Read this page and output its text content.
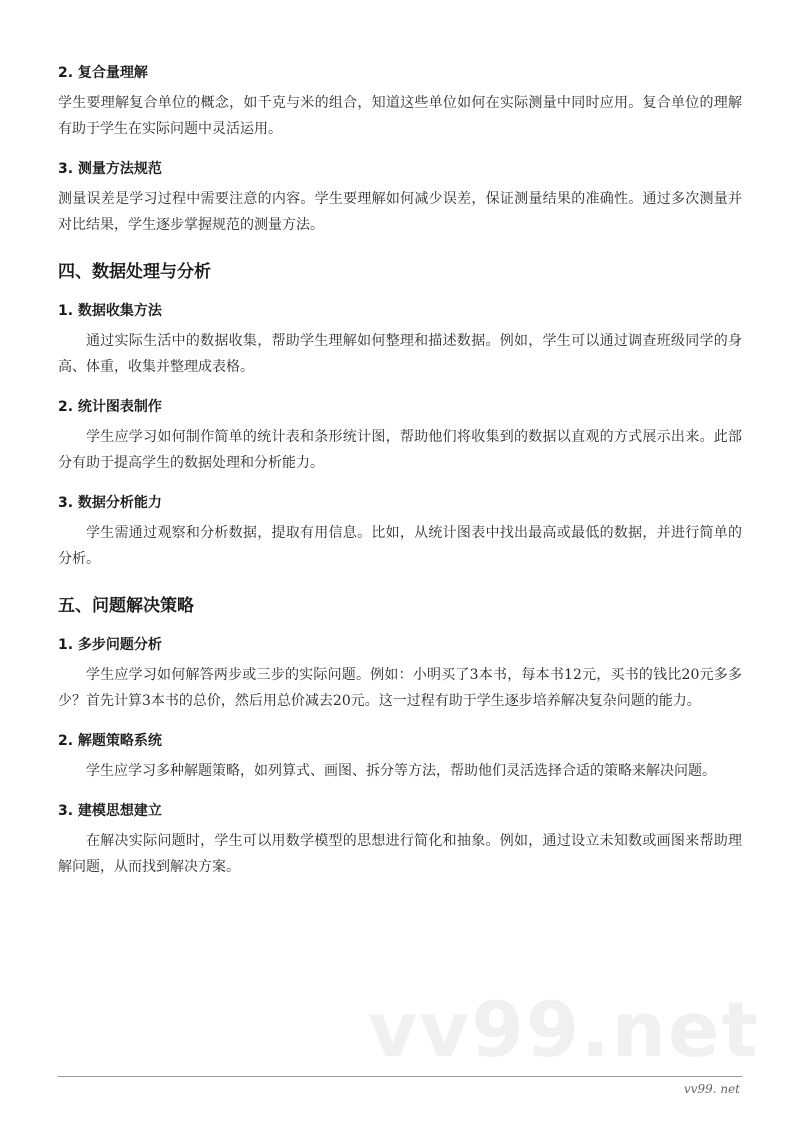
2. 复合量理解

学生要理解复合单位的概念，如千克与米的组合，知道这些单位如何在实际测量中同时应用。复合单位的理解有助于学生在实际问题中灵活运用。

3. 测量方法规范

测量误差是学习过程中需要注意的内容。学生要理解如何减少误差，保证测量结果的准确性。通过多次测量并对比结果，学生逐步掌握规范的测量方法。

四、数据处理与分析
1. 数据收集方法

通过实际生活中的数据收集，帮助学生理解如何整理和描述数据。例如，学生可以通过调查班级同学的身高、体重，收集并整理成表格。

2. 统计图表制作

学生应学习如何制作简单的统计表和条形统计图，帮助他们将收集到的数据以直观的方式展示出来。此部分有助于提高学生的数据处理和分析能力。

3. 数据分析能力

学生需通过观察和分析数据，提取有用信息。比如，从统计图表中找出最高或最低的数据，并进行简单的分析。

五、问题解决策略
1. 多步问题分析

学生应学习如何解答两步或三步的实际问题。例如：小明买了3本书，每本书12元，买书的钱比20元多多少？首先计算3本书的总价，然后用总价减去20元。这一过程有助于学生逐步培养解决复杂问题的能力。

2. 解题策略系统

学生应学习多种解题策略，如列算式、画图、拆分等方法，帮助他们灵活选择合适的策略来解决问题。

3. 建模思想建立

在解决实际问题时，学生可以用数学模型的思想进行简化和抽象。例如，通过设立未知数或画图来帮助理解问题，从而找到解决方案。

vv99.net
vv99. net
